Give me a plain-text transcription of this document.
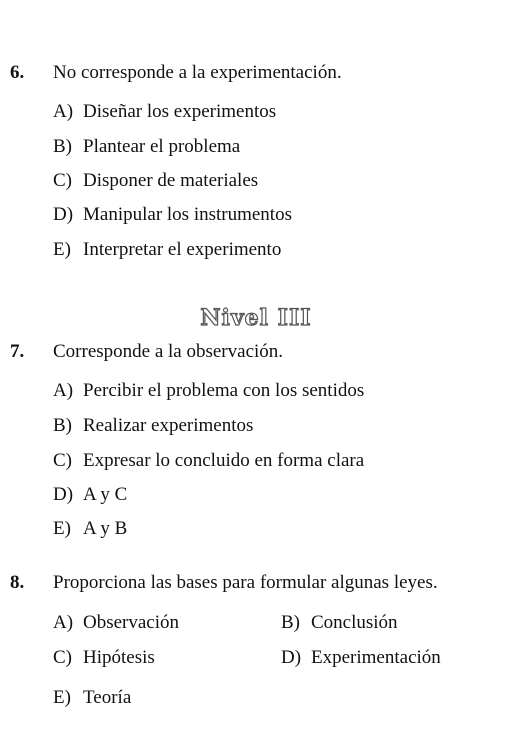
6. No corresponde a la experimentación.
A) Diseñar los experimentos
B) Plantear el problema
C) Disponer de materiales
D) Manipular los instrumentos
E) Interpretar el experimento
Nivel III
7. Corresponde a la observación.
A) Percibir el problema con los sentidos
B) Realizar experimentos
C) Expresar lo concluido en forma clara
D) A y C
E) A y B
8. Proporciona las bases para formular algunas leyes.
A) Observación	B) Conclusión
C) Hipótesis	D) Experimentación
E) Teoría
